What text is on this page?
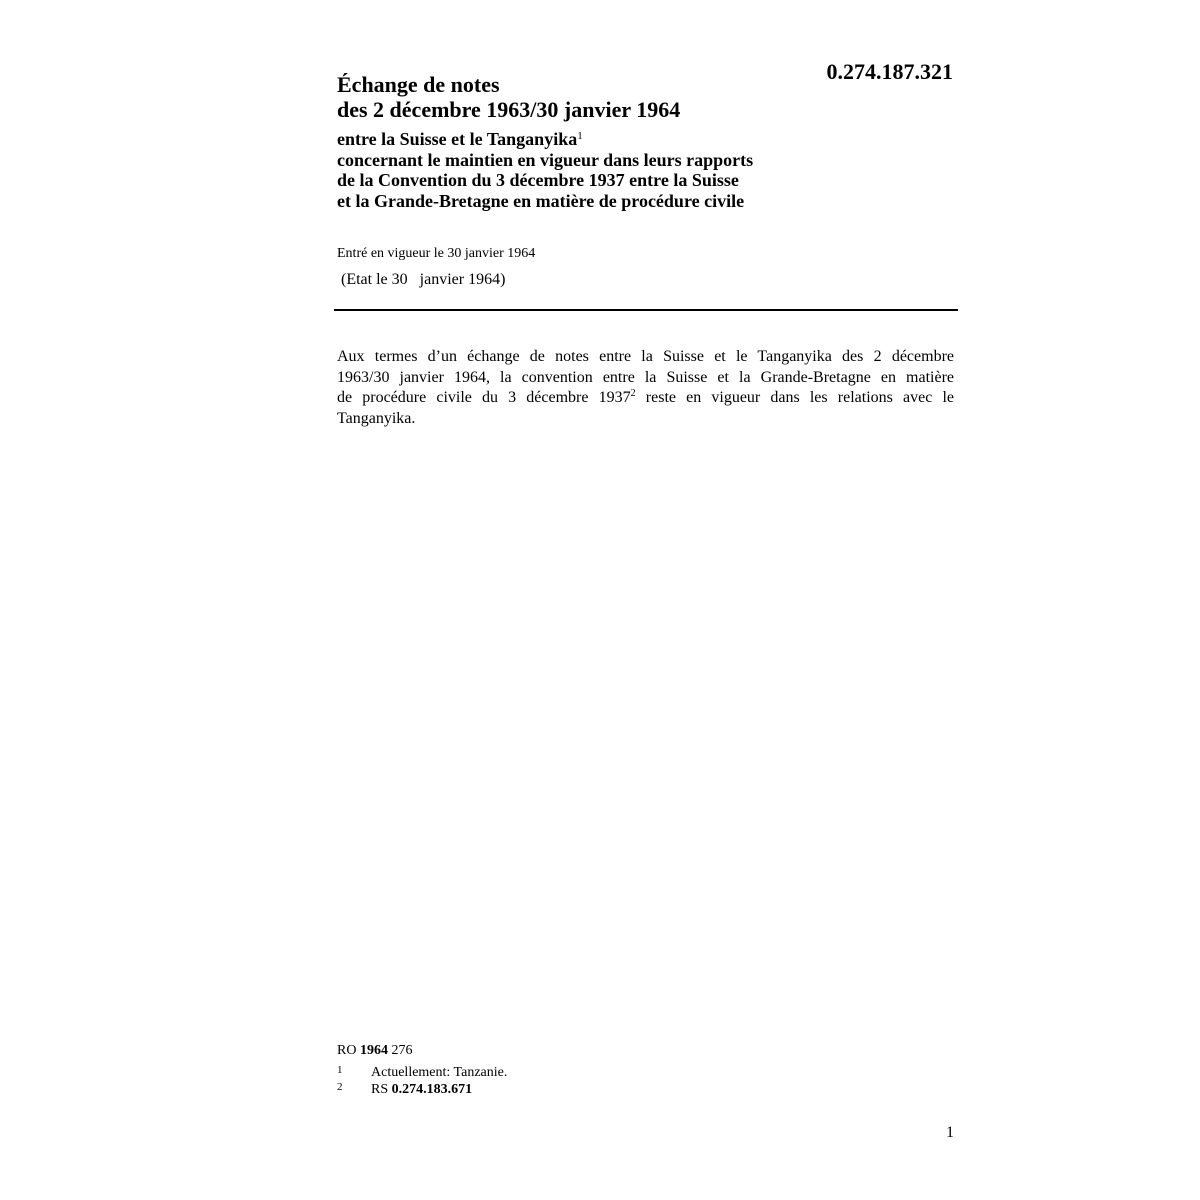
0.274.187.321
Échange de notes
des 2 décembre 1963/30 janvier 1964
entre la Suisse et le Tanganyika$^1$
concernant le maintien en vigueur dans leurs rapports
de la Convention du 3 décembre 1937 entre la Suisse
et la Grande-Bretagne en matière de procédure civile
Entré en vigueur le 30 janvier 1964
(Etat le 30   janvier 1964)
Aux termes d’un échange de notes entre la Suisse et le Tanganyika des 2 décembre
1963/30 janvier 1964, la convention entre la Suisse et la Grande-Bretagne en matière
de procédure civile du 3 décembre 1937$^2$ reste en vigueur dans les relations avec le
Tanganyika.
RO 1964 276
1 Actuellement: Tanzanie.
2 RS 0.274.183.671
1
